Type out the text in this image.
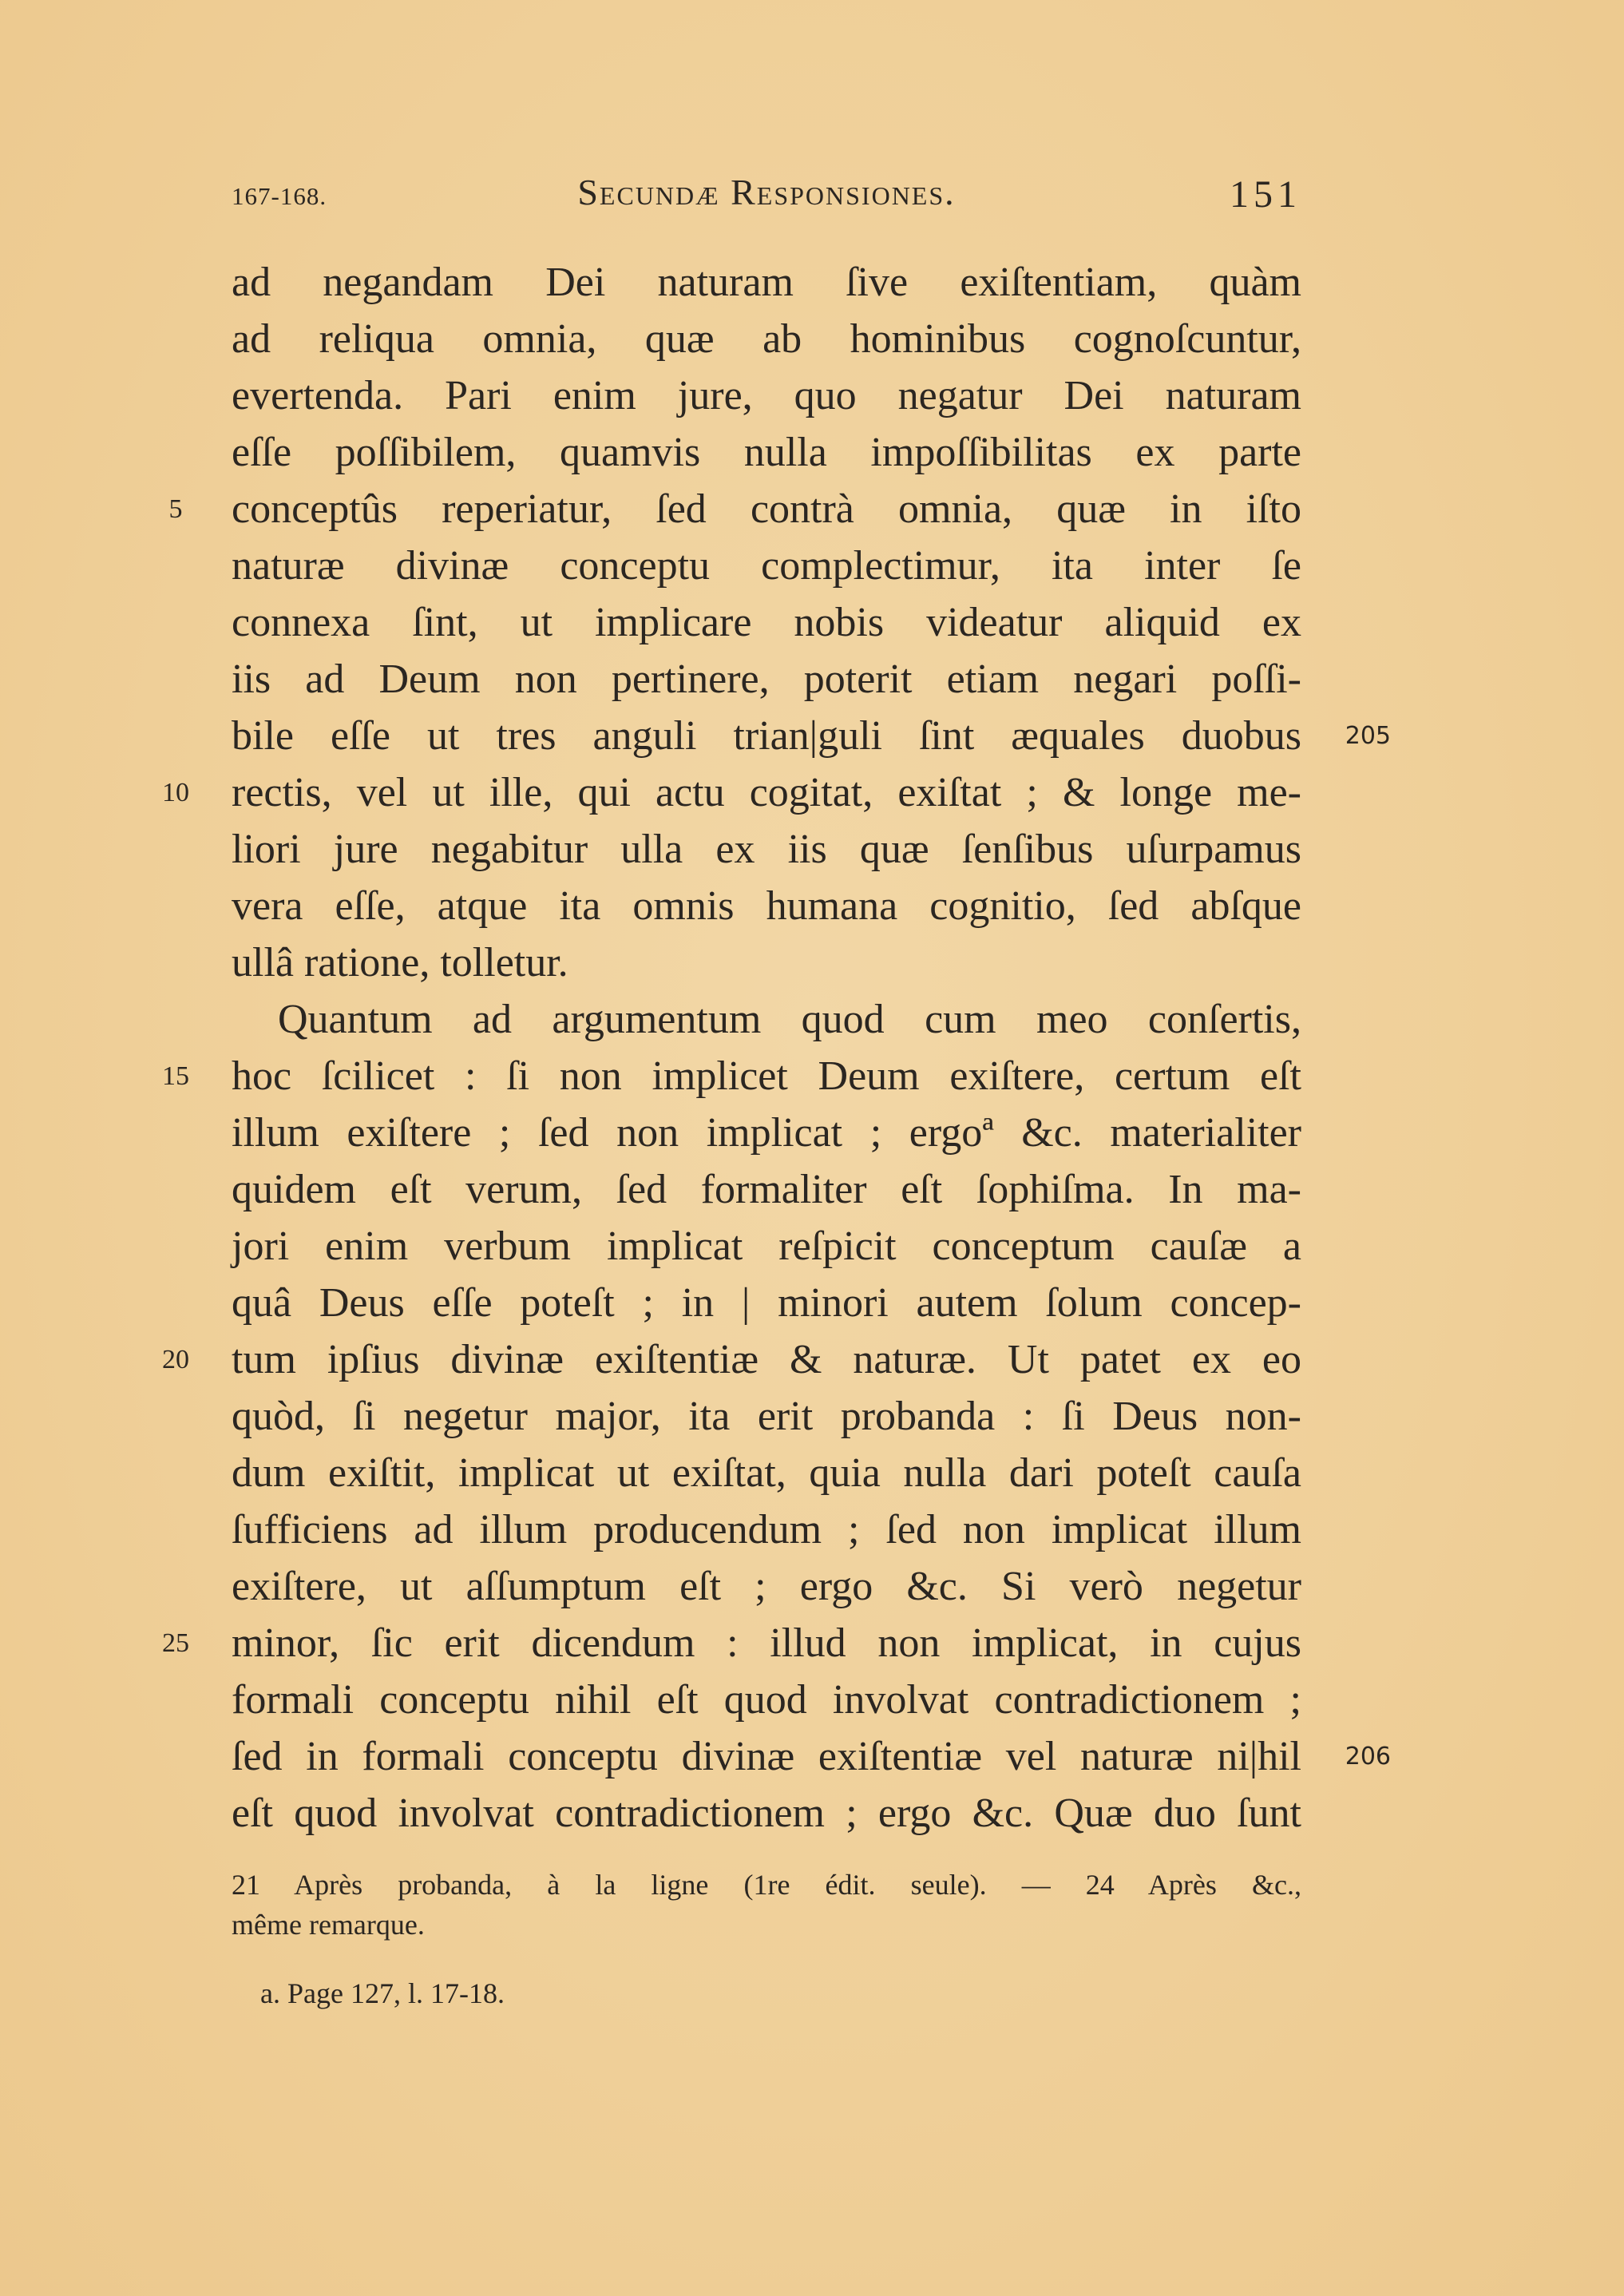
167-168.	Secundæ Responsiones.	151
ad negandam Dei naturam ſive exiſtentiam, quàm
ad reliqua omnia, quæ ab hominibus cognoſcuntur,
evertenda. Pari enim jure, quo negatur Dei naturam
eſſe poſſibilem, quamvis nulla impoſſibilitas ex parte
5	conceptûs reperiatur, ſed contrà omnia, quæ in iſto
naturæ divinæ conceptu complectimur, ita inter ſe
connexa ſint, ut implicare nobis videatur aliquid ex
iis ad Deum non pertinere, poterit etiam negari poſſi-
bile eſſe ut tres anguli trian|guli ſint æquales duobus 205
10 rectis, vel ut ille, qui actu cogitat, exiſtat ; & longe me-
liori jure negabitur ulla ex iis quæ ſenſibus uſurpamus
vera eſſe, atque ita omnis humana cognitio, ſed abſque
ullâ ratione, tolletur.
Quantum ad argumentum quod cum meo conſertis,
15 hoc ſcilicet : ſi non implicet Deum exiſtere, certum eſt
illum exiſtere ; ſed non implicat ; ergoª &c. materialiter
quidem eſt verum, ſed formaliter eſt ſophiſma. In ma-
jori enim verbum implicat reſpicit conceptum cauſæ a
quâ Deus eſſe poteſt ; in | minori autem ſolum concep-
20 tum ipſius divinæ exiſtentiæ & naturæ. Ut patet ex eo
quòd, ſi negetur major, ita erit probanda : ſi Deus non-
dum exiſtit, implicat ut exiſtat, quia nulla dari poteſt cauſa
ſufficiens ad illum producendum ; ſed non implicat illum
exiſtere, ut aſſumptum eſt ; ergo &c. Si verò negetur
25 minor, ſic erit dicendum : illud non implicat, in cujus
formali conceptu nihil eſt quod involvat contradictionem ;
ſed in formali conceptu divinæ exiſtentiæ vel naturæ ni|hil 206
eſt quod involvat contradictionem ; ergo &c. Quæ duo ſunt
21 Après probanda, à la ligne (1re édit. seule). — 24 Après &c.,
même remarque.
a. Page 127, l. 17-18.
